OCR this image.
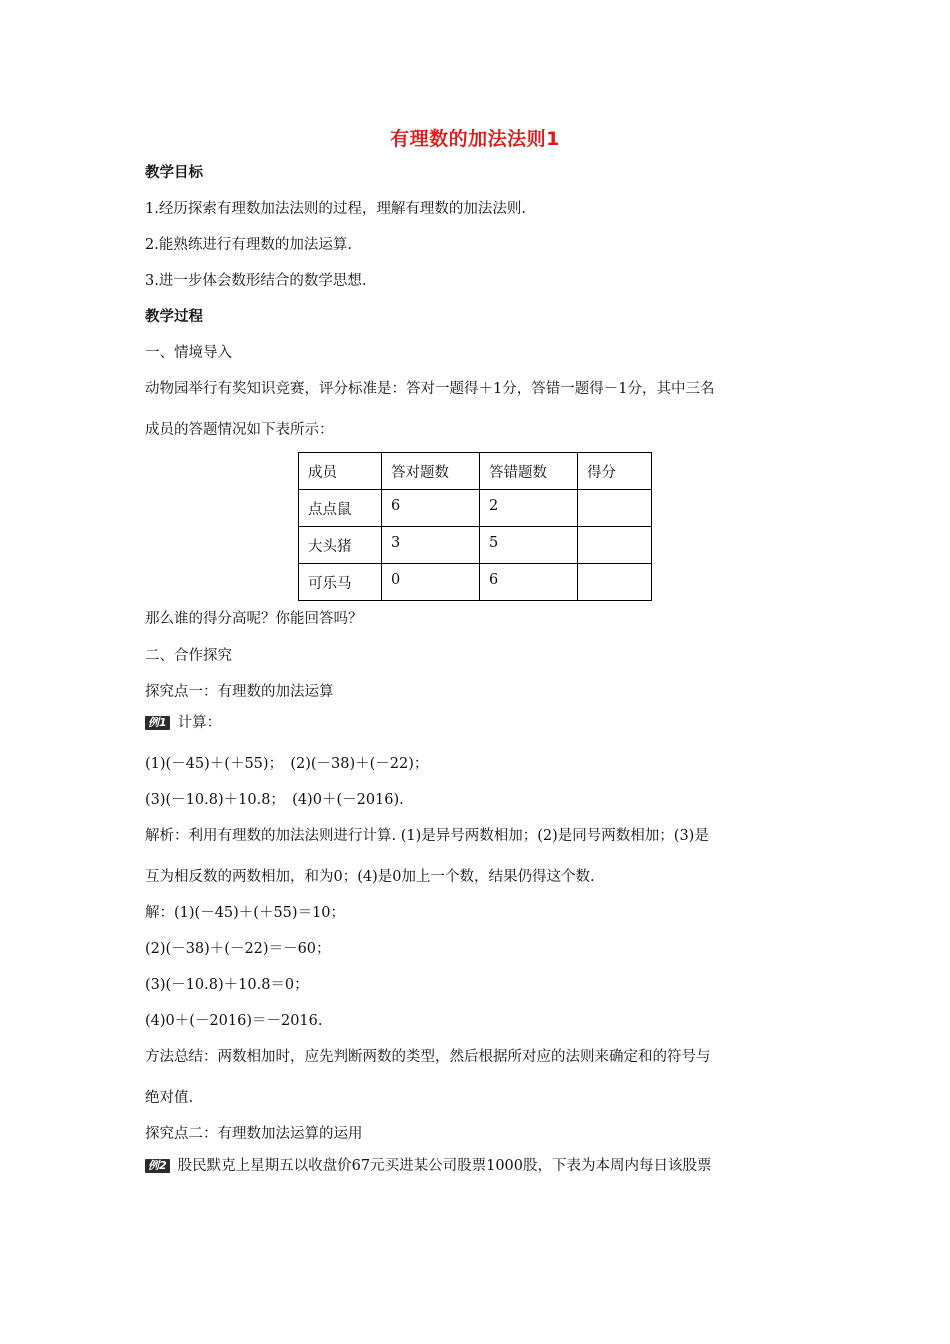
有理数的加法法则1
教学目标
1.经历探索有理数加法法则的过程，理解有理数的加法法则.
2.能熟练进行有理数的加法运算.
3.进一步体会数形结合的数学思想.
教学过程
一、情境导入
动物园举行有奖知识竞赛，评分标准是：答对一题得＋1分，答错一题得－1分，其中三名
成员的答题情况如下表所示：
成员	答对题数	答错题数	得分
点点鼠	6	2	
大头猪	3	5	
可乐马	0	6	
那么谁的得分高呢？你能回答吗？
二、合作探究
探究点一：有理数的加法运算
例1 计算：
(1)(－45)＋(＋55)；　(2)(－38)＋(－22)；
(3)(－10.8)＋10.8；　(4)0＋(－2016).
解析：利用有理数的加法法则进行计算. (1)是异号两数相加；(2)是同号两数相加；(3)是
互为相反数的两数相加，和为0；(4)是0加上一个数，结果仍得这个数.
解：(1)(－45)＋(＋55)＝10；
(2)(－38)＋(－22)＝－60；
(3)(－10.8)＋10.8＝0；
(4)0＋(－2016)＝－2016.
方法总结：两数相加时，应先判断两数的类型，然后根据所对应的法则来确定和的符号与
绝对值.
探究点二：有理数加法运算的运用
例2 股民默克上星期五以收盘价67元买进某公司股票1000股，下表为本周内每日该股票
